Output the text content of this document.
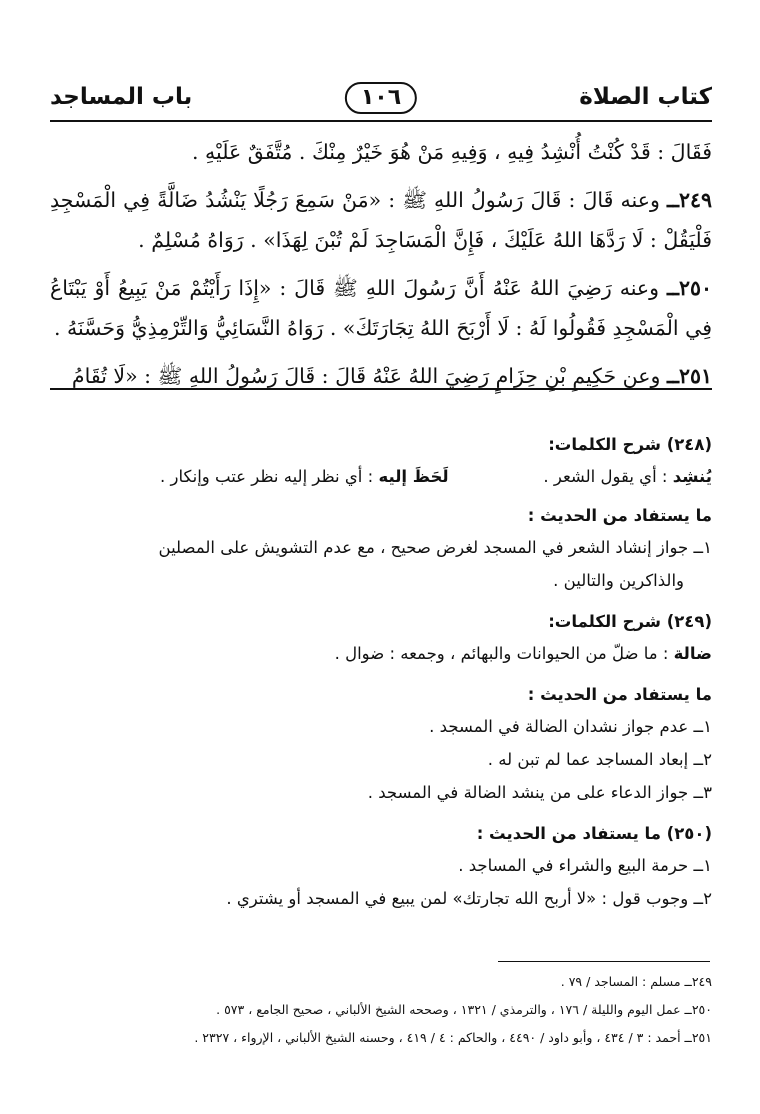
كتاب الصلاة
١٠٦
باب المساجد

فَقَالَ : قَدْ كُنْتُ أُنْشِدُ فِيهِ ، وَفِيهِ مَنْ هُوَ خَيْرٌ مِنْكَ . مُتَّفَقٌ عَلَيْهِ .

٢٤٩ــ وعنه قَالَ : قَالَ رَسُولُ اللهِ ﷺ : «مَنْ سَمِعَ رَجُلًا يَنْشُدُ ضَالَّةً فِي الْمَسْجِدِ فَلْيَقُلْ : لَا رَدَّهَا اللهُ عَلَيْكَ ، فَإِنَّ الْمَسَاجِدَ لَمْ تُبْنَ لِهَذَا» . رَوَاهُ مُسْلِمٌ .

٢٥٠ــ وعنه رَضِيَ اللهُ عَنْهُ أَنَّ رَسُولَ اللهِ ﷺ قَالَ : «إِذَا رَأَيْتُمْ مَنْ يَبِيعُ أَوْ يَبْتَاعُ فِي الْمَسْجِدِ فَقُولُوا لَهُ : لَا أَرْبَحَ اللهُ تِجَارَتَكَ» . رَوَاهُ النَّسَائِيُّ وَالتِّرْمِذِيُّ وَحَسَّنَهُ .

٢٥١ــ وعن حَكِيمِ بْنِ حِزَامٍ رَضِيَ اللهُ عَنْهُ قَالَ : قَالَ رَسُولُ اللهِ ﷺ : «لَا تُقَامُ

(٢٤٨) شرح الكلمات:

يُنشِد : أي يقول الشعر .
لَحَظَ إليه : أي نظر إليه نظر عتب وإنكار .

ما يستفاد من الحديث :

١ــ جواز إنشاد الشعر في المسجد لغرض صحيح ، مع عدم التشويش على المصلين

والذاكرين والتالين .

(٢٤٩) شرح الكلمات:

ضالة : ما ضلّ من الحيوانات والبهائم ، وجمعه : ضوال .

ما يستفاد من الحديث :

١ــ عدم جواز نشدان الضالة في المسجد .

٢ــ إبعاد المساجد عما لم تبن له .

٣ــ جواز الدعاء على من ينشد الضالة في المسجد .

(٢٥٠) ما يستفاد من الحديث :

١ــ حرمة البيع والشراء في المساجد .

٢ــ وجوب قول : «لا أربح الله تجارتك» لمن يبيع في المسجد أو يشتري .

٢٤٩ــ مسلم : المساجد / ٧٩ .

٢٥٠ــ عمل اليوم والليلة / ١٧٦ ، والترمذي / ١٣٢١ ، وصححه الشيخ الألباني ، صحيح الجامع ، ٥٧٣ .

٢٥١ــ أحمد : ٣ / ٤٣٤ ، وأبو داود / ٤٤٩٠ ، والحاكم : ٤ / ٤١٩ ، وحسنه الشيخ الألباني ، الإرواء ، ٢٣٢٧ .
